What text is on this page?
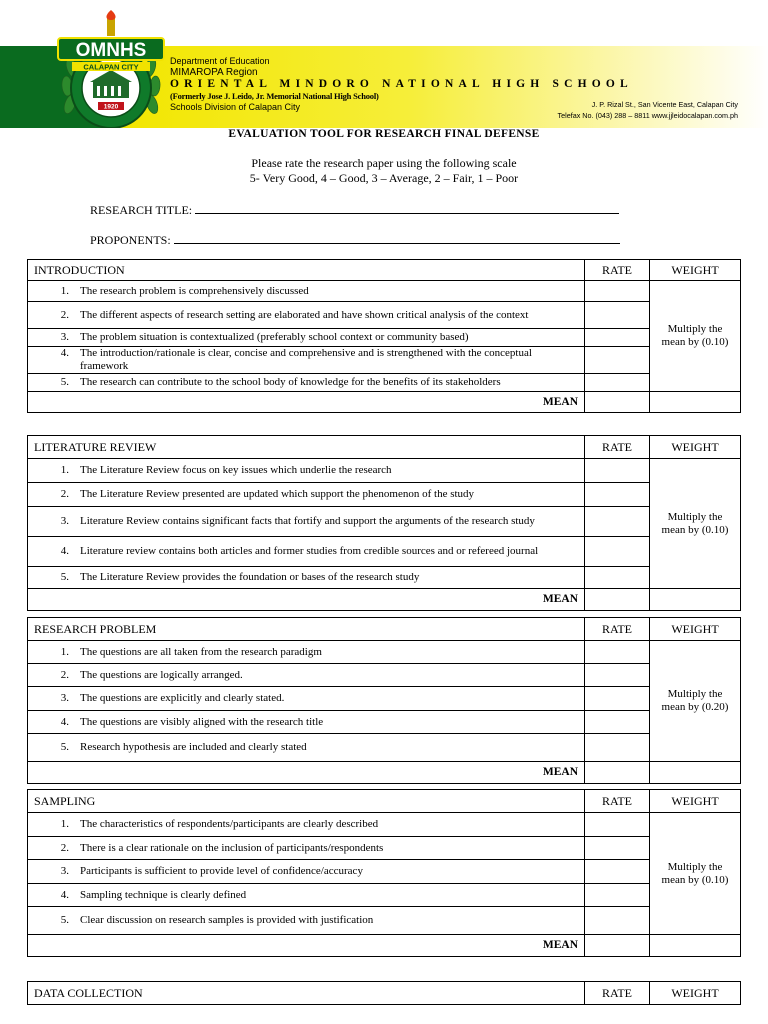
1920
OMNHS
CALAPAN CITY
Department of Education
MIMAROPA Region
ORIENTAL MINDORO NATIONAL HIGH SCHOOL
(Formerly Jose J. Leido, Jr. Memorial National High School)
Schools Division of Calapan City	J. P. Rizal St., San Vicente East, Calapan City
Telefax No. (043) 288 – 8811 www.jjleidocalapan.com.ph
EVALUATION TOOL FOR RESEARCH FINAL DEFENSE
Please rate the research paper using the following scale
5- Very Good, 4 – Good, 3 – Average, 2 – Fair, 1 – Poor
RESEARCH TITLE:
PROPONENTS:
INTRODUCTION	RATE	WEIGHT

1. The research problem is comprehensively discussed		Multiply the mean by (0.10)

2. The different aspects of research setting are elaborated and have shown critical analysis of the context		

3. The problem situation is contextualized (preferably school context or community based)		

4. The introduction/rationale is clear, concise and comprehensive and is strengthened with the conceptual framework		

5. The research can contribute to the school body of knowledge for the benefits of its stakeholders		

MEAN		
LITERATURE REVIEW	RATE	WEIGHT

1. The Literature Review focus on key issues which underlie the research		Multiply the mean by (0.10)

2. The Literature Review presented are updated which support the phenomenon of the study		

3. Literature Review contains significant facts that fortify and support the arguments of the research study		

4. Literature review contains both articles and former studies from credible sources and or refereed journal		

5. The Literature Review provides the foundation or bases of the research study		

MEAN		
RESEARCH PROBLEM	RATE	WEIGHT

1. The questions are all taken from the research paradigm		Multiply the mean by (0.20)

2. The questions are logically arranged.		

3. The questions are explicitly and clearly stated.		

4. The questions are visibly aligned with the research title		

5. Research hypothesis are included and clearly stated		

MEAN		
SAMPLING	RATE	WEIGHT

1. The characteristics of respondents/participants are clearly described		Multiply the mean by (0.10)

2. There is a clear rationale on the inclusion of participants/respondents		

3. Participants is sufficient to provide level of confidence/accuracy		

4. Sampling technique is clearly defined		

5. Clear discussion on research samples is provided with justification		

MEAN		
DATA COLLECTION	RATE	WEIGHT
